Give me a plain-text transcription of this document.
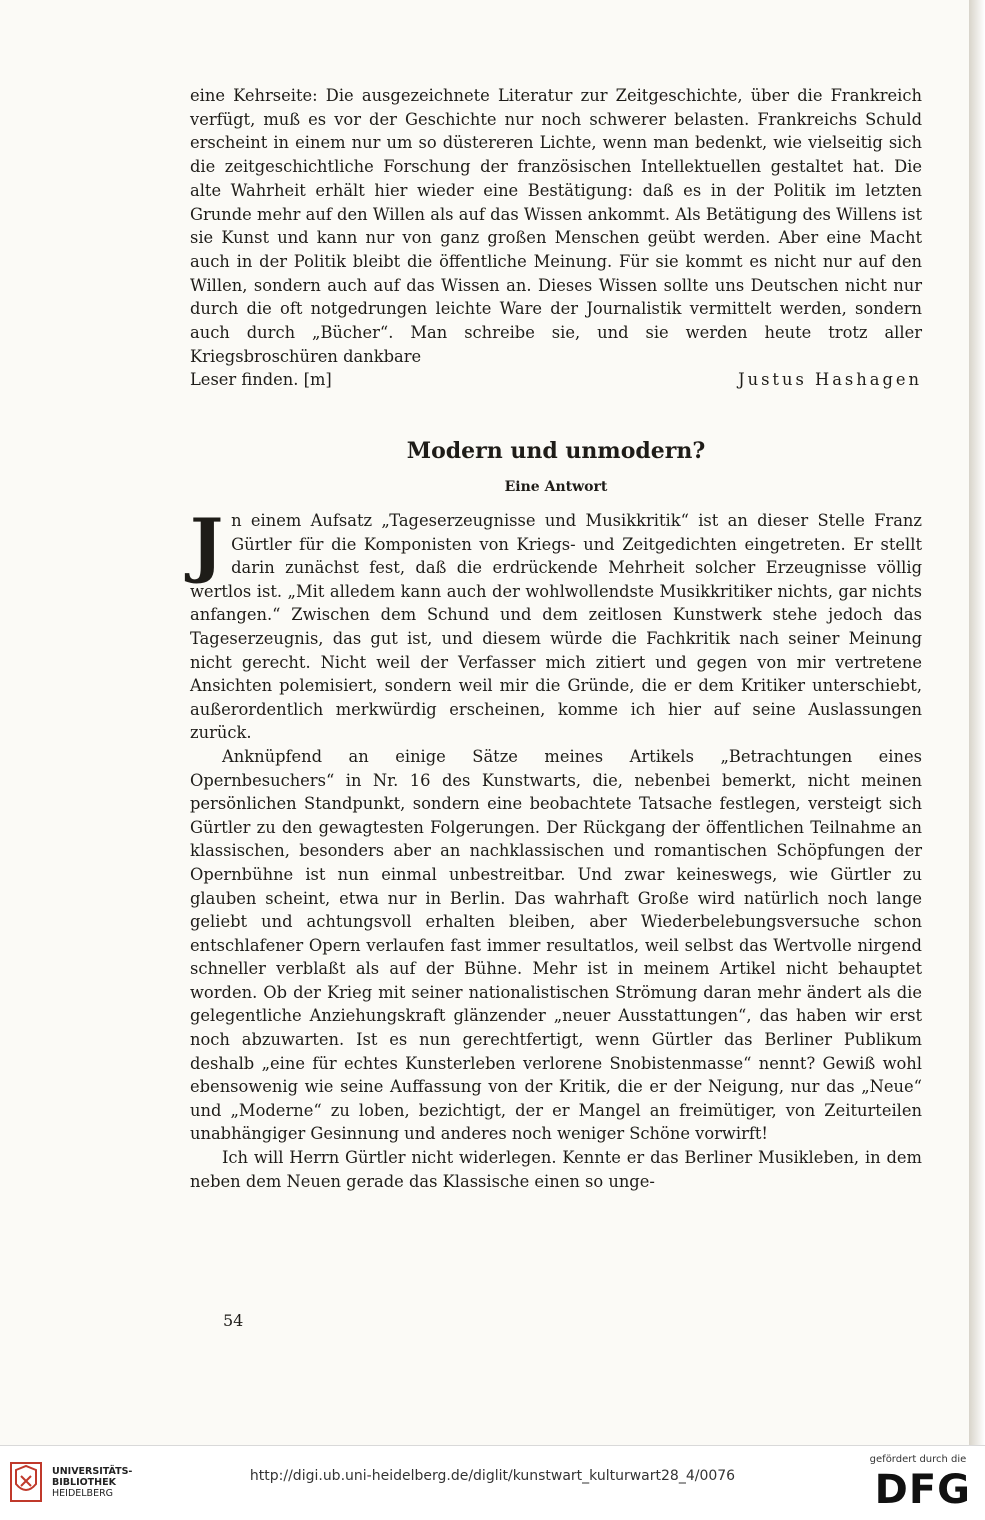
eine Kehrseite: Die ausgezeichnete Literatur zur Zeitgeschichte, über die Frankreich verfügt, muß es vor der Geschichte nur noch schwerer belasten. Frankreichs Schuld erscheint in einem nur um so düstereren Lichte, wenn man bedenkt, wie vielseitig sich die zeitgeschichtliche Forschung der französischen Intellektuellen gestaltet hat. Die alte Wahrheit erhält hier wieder eine Bestätigung: daß es in der Politik im letzten Grunde mehr auf den Willen als auf das Wissen ankommt. Als Betätigung des Willens ist sie Kunst und kann nur von ganz großen Menschen geübt werden. Aber eine Macht auch in der Politik bleibt die öffentliche Meinung. Für sie kommt es nicht nur auf den Willen, sondern auch auf das Wissen an. Dieses Wissen sollte uns Deutschen nicht nur durch die oft notgedrungen leichte Ware der Journalistik vermittelt werden, sondern auch durch „Bücher“. Man schreibe sie, und sie werden heute trotz aller Kriegsbroschüren dankbare

Leser finden. [m]	Justus Hashagen
Modern und unmodern?
Eine Antwort

Jn einem Aufsatz „Tageserzeugnisse und Musikkritik“ ist an dieser Stelle Franz Gürtler für die Komponisten von Kriegs- und Zeitgedichten eingetreten. Er stellt darin zunächst fest, daß die erdrückende Mehrheit solcher Erzeugnisse völlig wertlos ist. „Mit alledem kann auch der wohlwollendste Musikkritiker nichts, gar nichts anfangen.“ Zwischen dem Schund und dem zeitlosen Kunstwerk stehe jedoch das Tageserzeugnis, das gut ist, und diesem würde die Fachkritik nach seiner Meinung nicht gerecht. Nicht weil der Verfasser mich zitiert und gegen von mir vertretene Ansichten polemisiert, sondern weil mir die Gründe, die er dem Kritiker unterschiebt, außerordentlich merkwürdig erscheinen, komme ich hier auf seine Auslassungen zurück.

Anknüpfend an einige Sätze meines Artikels „Betrachtungen eines Opernbesuchers“ in Nr. 16 des Kunstwarts, die, nebenbei bemerkt, nicht meinen persönlichen Standpunkt, sondern eine beobachtete Tatsache festlegen, versteigt sich Gürtler zu den gewagtesten Folgerungen. Der Rückgang der öffentlichen Teilnahme an klassischen, besonders aber an nachklassischen und romantischen Schöpfungen der Opernbühne ist nun einmal unbestreitbar. Und zwar keineswegs, wie Gürtler zu glauben scheint, etwa nur in Berlin. Das wahrhaft Große wird natürlich noch lange geliebt und achtungsvoll erhalten bleiben, aber Wiederbelebungsversuche schon entschlafener Opern verlaufen fast immer resultatlos, weil selbst das Wertvolle nirgend schneller verblaßt als auf der Bühne. Mehr ist in meinem Artikel nicht behauptet worden. Ob der Krieg mit seiner nationalistischen Strömung daran mehr ändert als die gelegentliche Anziehungskraft glänzender „neuer Ausstattungen“, das haben wir erst noch abzuwarten. Ist es nun gerechtfertigt, wenn Gürtler das Berliner Publikum deshalb „eine für echtes Kunsterleben verlorene Snobistenmasse“ nennt? Gewiß wohl ebensowenig wie seine Auffassung von der Kritik, die er der Neigung, nur das „Neue“ und „Moderne“ zu loben, bezichtigt, der er Mangel an freimütiger, von Zeiturteilen unabhängiger Gesinnung und anderes noch weniger Schöne vorwirft!

Ich will Herrn Gürtler nicht widerlegen. Kennte er das Berliner Musikleben, in dem neben dem Neuen gerade das Klassische einen so unge-

54
UNIVERSITÄTS-
BIBLIOTHEK
HEIDELBERG
http://digi.ub.uni-heidelberg.de/diglit/kunstwart_kulturwart28_4/0076
gefördert durch die
DFG
